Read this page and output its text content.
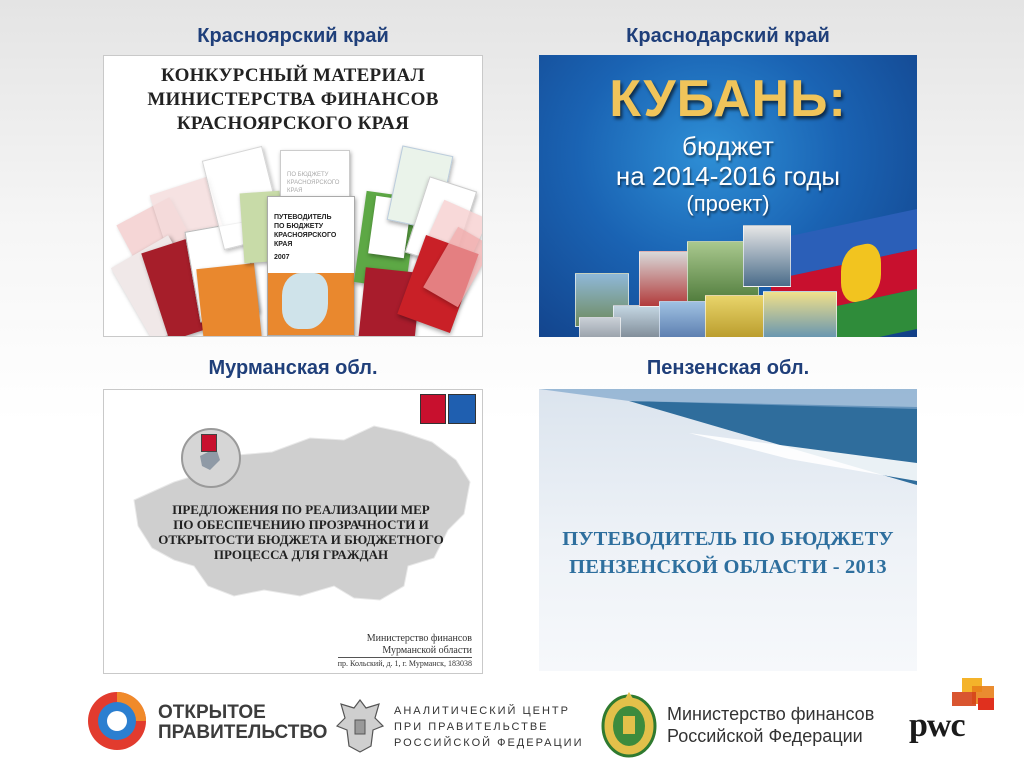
Красноярский край	Краснодарский край
Мурманская обл.	Пензенская обл.
КОНКУРСНЫЙ МАТЕРИАЛ
МИНИСТЕРСТВА ФИНАНСОВ
КРАСНОЯРСКОГО КРАЯ
ПО БЮДЖЕТУ
КРАСНОЯРСКОГО КРАЯ
ПУТЕВОДИТЕЛЬ
ПО БЮДЖЕТУ
КРАСНОЯРСКОГО КРАЯ
2007
КУБАНЬ:
бюджет
на 2014-2016 годы
(проект)
ПРЕДЛОЖЕНИЯ ПО РЕАЛИЗАЦИИ МЕР
ПО ОБЕСПЕЧЕНИЮ ПРОЗРАЧНОСТИ И
ОТКРЫТОСТИ БЮДЖЕТА И БЮДЖЕТНОГО
ПРОЦЕССА ДЛЯ ГРАЖДАН
Министерство финансов
Мурманской области
пр. Кольский, д. 1, г. Мурманск, 183038
ПУТЕВОДИТЕЛЬ ПО БЮДЖЕТУ
ПЕНЗЕНСКОЙ ОБЛАСТИ - 2013
ОТКРЫТОЕ
ПРАВИТЕЛЬСТВО
АНАЛИТИЧЕСКИЙ ЦЕНТР
ПРИ ПРАВИТЕЛЬСТВЕ
РОССИЙСКОЙ ФЕДЕРАЦИИ
Министерство финансов
Российской Федерации	pwc
